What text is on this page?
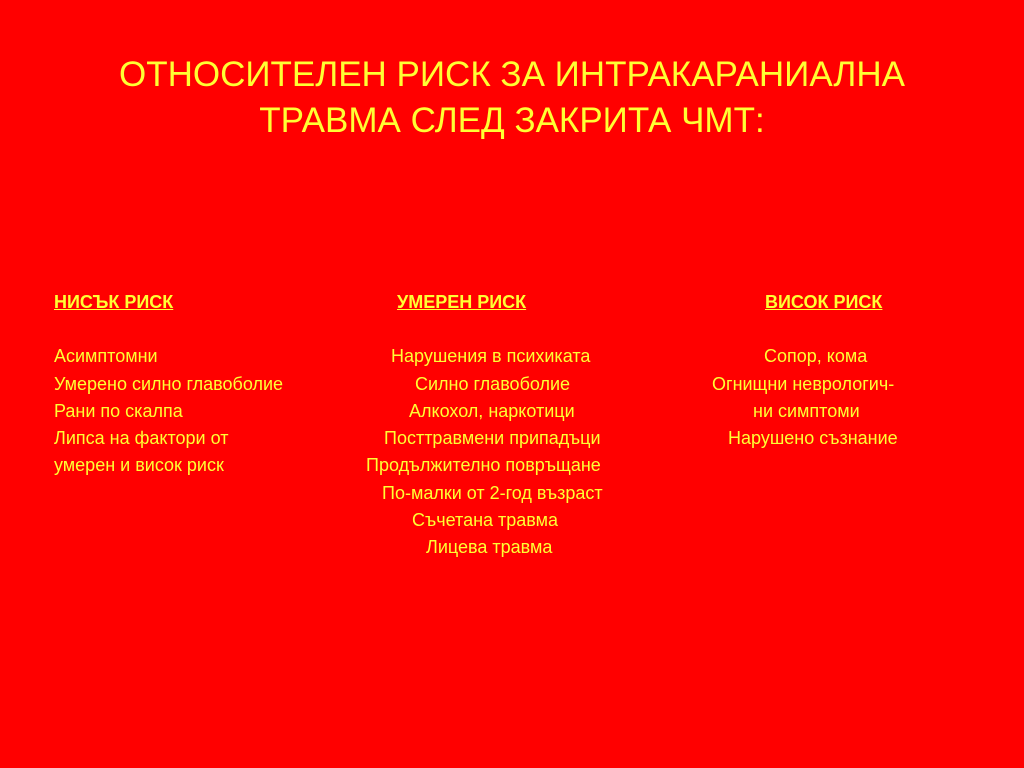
ОТНОСИТЕЛЕН РИСК ЗА ИНТРАКАРАНИАЛНА
ТРАВМА СЛЕД ЗАКРИТА ЧМТ:
НИСЪК РИСК
Асимптомни
Умерено силно главоболие
Рани по скалпа
Липса на фактори от
умерен и висок риск
УМЕРЕН РИСК
Нарушения в психиката
Силно главоболие
Алкохол, наркотици
Посттравмени припадъци
Продължително повръщане
По-малки от 2-год възраст
Съчетана травма
Лицева травма
ВИСОК РИСК
Сопор, кома
Огнищни неврологич-
ни симптоми
Нарушено съзнание
